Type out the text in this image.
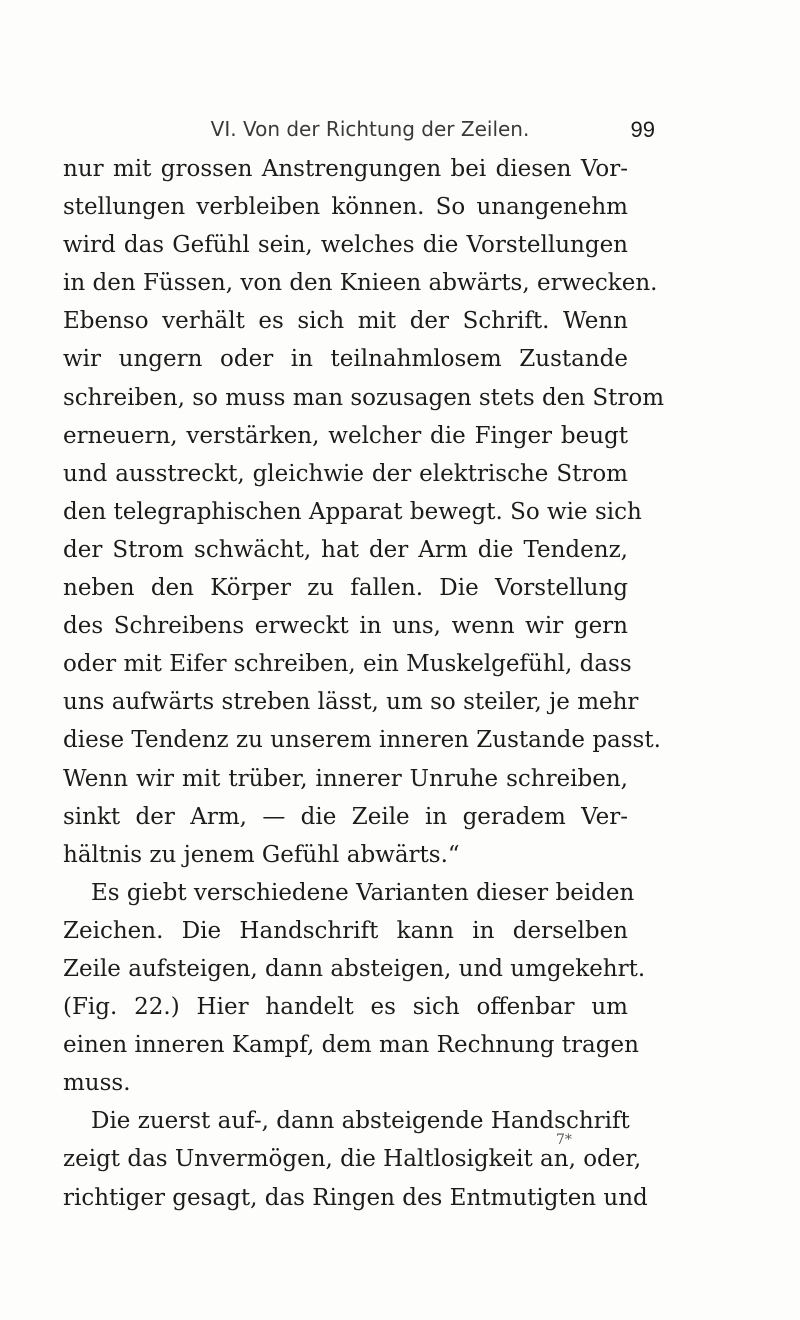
VI. Von der Richtung der Zeilen.	99
nur mit grossen Anstrengungen bei diesen Vor-
stellungen verbleiben können. So unangenehm
wird das Gefühl sein, welches die Vorstellungen
in den Füssen, von den Knieen abwärts, erwecken.
Ebenso verhält es sich mit der Schrift. Wenn
wir ungern oder in teilnahmlosem Zustande
schreiben, so muss man sozusagen stets den Strom
erneuern, verstärken, welcher die Finger beugt
und ausstreckt, gleichwie der elektrische Strom
den telegraphischen Apparat bewegt. So wie sich
der Strom schwächt, hat der Arm die Tendenz,
neben den Körper zu fallen. Die Vorstellung
des Schreibens erweckt in uns, wenn wir gern
oder mit Eifer schreiben, ein Muskelgefühl, dass
uns aufwärts streben lässt, um so steiler, je mehr
diese Tendenz zu unserem inneren Zustande passt.
Wenn wir mit trüber, innerer Unruhe schreiben,
sinkt der Arm, — die Zeile in geradem Ver-
hältnis zu jenem Gefühl abwärts.“
Es giebt verschiedene Varianten dieser beiden
Zeichen. Die Handschrift kann in derselben
Zeile aufsteigen, dann absteigen, und umgekehrt.
(Fig. 22.) Hier handelt es sich offenbar um
einen inneren Kampf, dem man Rechnung tragen
muss.
Die zuerst auf-, dann absteigende Handschrift
zeigt das Unvermögen, die Haltlosigkeit an, oder,
richtiger gesagt, das Ringen des Entmutigten und
7*
